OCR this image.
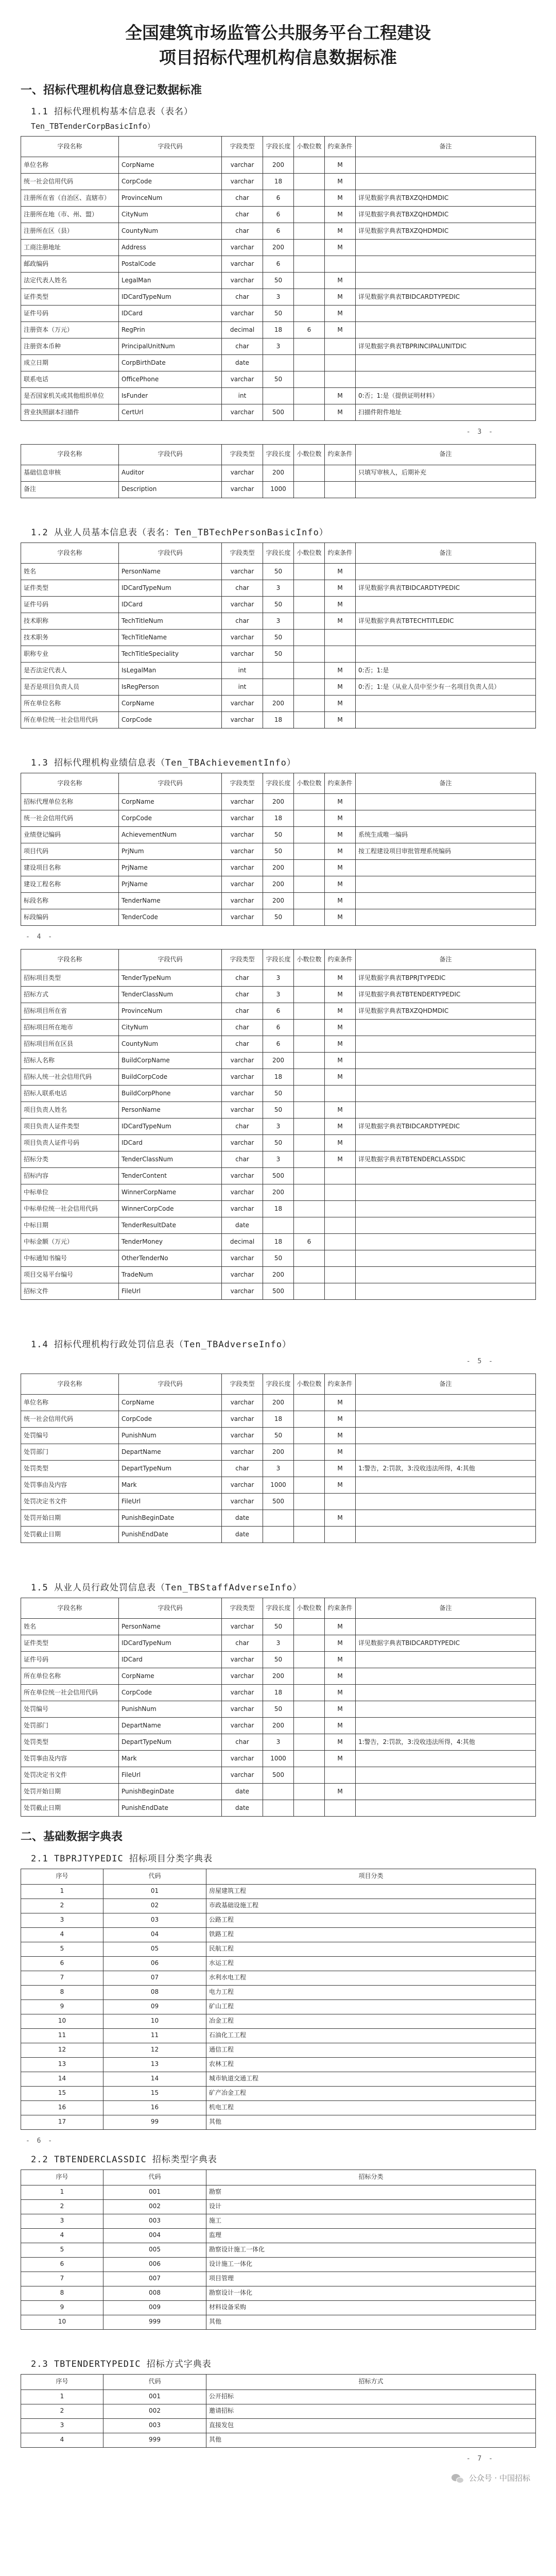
全国建筑市场监管公共服务平台工程建设
项目招标代理机构信息数据标准
一、招标代理机构信息登记数据标准
1.1 招标代理机构基本信息表（表名）
Ten_TBTenderCorpBasicInfo）
字段名称	字段代码	字段类型	字段长度	小数位数	约束条件	备注
单位名称	CorpName	varchar	200		M	
统一社会信用代码	CorpCode	varchar	18		M	
注册所在省（自治区、直辖市）	ProvinceNum	char	6		M	详见数据字典表TBXZQHDMDIC
注册所在地（市、州、盟）	CityNum	char	6		M	详见数据字典表TBXZQHDMDIC
注册所在区（县）	CountyNum	char	6		M	详见数据字典表TBXZQHDMDIC
工商注册地址	Address	varchar	200		M	
邮政编码	PostalCode	varchar	6			
法定代表人姓名	LegalMan	varchar	50		M	
证件类型	IDCardTypeNum	char	3		M	详见数据字典表TBIDCARDTYPEDIC
证件号码	IDCard	varchar	50		M	
注册资本（万元）	RegPrin	decimal	18	6	M	
注册资本币种	PrincipalUnitNum	char	3			详见数据字典表TBPRINCIPALUNITDIC
成立日期	CorpBirthDate	date				
联系电话	OfficePhone	varchar	50			
是否国家机关或其他组织单位	IsFunder	int			M	0:否；1:是（提供证明材料）
营业执照副本扫描件	CertUrl	varchar	500		M	扫描件附件地址
- 3 -
字段名称	字段代码	字段类型	字段长度	小数位数	约束条件	备注
基础信息审核	Auditor	varchar	200			只填写审核人，后期补充
备注	Description	varchar	1000			
1.2 从业人员基本信息表（表名：Ten_TBTechPersonBasicInfo）
字段名称	字段代码	字段类型	字段长度	小数位数	约束条件	备注
姓名	PersonName	varchar	50		M	
证件类型	IDCardTypeNum	char	3		M	详见数据字典表TBIDCARDTYPEDIC
证件号码	IDCard	varchar	50		M	
技术职称	TechTitleNum	char	3		M	详见数据字典表TBTECHTITLEDIC
技术职务	TechTitleName	varchar	50			
职称专业	TechTitleSpeciality	varchar	50			
是否法定代表人	IsLegalMan	int			M	0:否；1:是
是否是项目负责人员	IsRegPerson	int			M	0:否；1:是（从业人员中至少有一名项目负责人员）
所在单位名称	CorpName	varchar	200		M	
所在单位统一社会信用代码	CorpCode	varchar	18		M	
1.3 招标代理机构业绩信息表（Ten_TBAchievementInfo）
字段名称	字段代码	字段类型	字段长度	小数位数	约束条件	备注
招标代理单位名称	CorpName	varchar	200		M	
统一社会信用代码	CorpCode	varchar	18		M	
业绩登记编码	AchievementNum	varchar	50		M	系统生成唯一编码
项目代码	PrjNum	varchar	50		M	按工程建设项目审批管理系统编码
建设项目名称	PrjName	varchar	200		M	
建设工程名称	PrjName	varchar	200		M	
标段名称	TenderName	varchar	200		M	
标段编码	TenderCode	varchar	50		M	
- 4 -
字段名称	字段代码	字段类型	字段长度	小数位数	约束条件	备注
招标项目类型	TenderTypeNum	char	3		M	详见数据字典表TBPRJTYPEDIC
招标方式	TenderClassNum	char	3		M	详见数据字典表TBTENDERTYPEDIC
招标项目所在省	ProvinceNum	char	6		M	详见数据字典表TBXZQHDMDIC
招标项目所在地市	CityNum	char	6		M	
招标项目所在区县	CountyNum	char	6		M	
招标人名称	BuildCorpName	varchar	200		M	
招标人统一社会信用代码	BuildCorpCode	varchar	18		M	
招标人联系电话	BuildCorpPhone	varchar	50			
项目负责人姓名	PersonName	varchar	50		M	
项目负责人证件类型	IDCardTypeNum	char	3		M	详见数据字典表TBIDCARDTYPEDIC
项目负责人证件号码	IDCard	varchar	50		M	
招标分类	TenderClassNum	char	3		M	详见数据字典表TBTENDERCLASSDIC
招标内容	TenderContent	varchar	500			
中标单位	WinnerCorpName	varchar	200			
中标单位统一社会信用代码	WinnerCorpCode	varchar	18			
中标日期	TenderResultDate	date				
中标金额（万元）	TenderMoney	decimal	18	6		
中标通知书编号	OtherTenderNo	varchar	50			
项目交易平台编号	TradeNum	varchar	200			
招标文件	FileUrl	varchar	500			
1.4 招标代理机构行政处罚信息表（Ten_TBAdverseInfo）
- 5 -
字段名称	字段代码	字段类型	字段长度	小数位数	约束条件	备注
单位名称	CorpName	varchar	200		M	
统一社会信用代码	CorpCode	varchar	18		M	
处罚编号	PunishNum	varchar	50		M	
处罚部门	DepartName	varchar	200		M	
处罚类型	DepartTypeNum	char	3		M	1:警告，2:罚款，3:没收违法所得，4:其他
处罚事由及内容	Mark	varchar	1000		M	
处罚决定书文件	FileUrl	varchar	500			
处罚开始日期	PunishBeginDate	date			M	
处罚截止日期	PunishEndDate	date				
1.5 从业人员行政处罚信息表（Ten_TBStaffAdverseInfo）
字段名称	字段代码	字段类型	字段长度	小数位数	约束条件	备注
姓名	PersonName	varchar	50		M	
证件类型	IDCardTypeNum	char	3		M	详见数据字典表TBIDCARDTYPEDIC
证件号码	IDCard	varchar	50		M	
所在单位名称	CorpName	varchar	200		M	
所在单位统一社会信用代码	CorpCode	varchar	18		M	
处罚编号	PunishNum	varchar	50		M	
处罚部门	DepartName	varchar	200		M	
处罚类型	DepartTypeNum	char	3		M	1:警告，2:罚款，3:没收违法所得，4:其他
处罚事由及内容	Mark	varchar	1000		M	
处罚决定书文件	FileUrl	varchar	500			
处罚开始日期	PunishBeginDate	date			M	
处罚截止日期	PunishEndDate	date				
二、基础数据字典表
2.1 TBPRJTYPEDIC 招标项目分类字典表
序号	代码	项目分类
1	01	房屋建筑工程
2	02	市政基础设施工程
3	03	公路工程
4	04	铁路工程
5	05	民航工程
6	06	水运工程
7	07	水利水电工程
8	08	电力工程
9	09	矿山工程
10	10	冶金工程
11	11	石油化工工程
12	12	通信工程
13	13	农林工程
14	14	城市轨道交通工程
15	15	矿产冶金工程
16	16	机电工程
17	99	其他
- 6 -
2.2 TBTENDERCLASSDIC 招标类型字典表
序号	代码	招标分类
1	001	勘察
2	002	设计
3	003	施工
4	004	监理
5	005	勘察设计施工一体化
6	006	设计施工一体化
7	007	项目管理
8	008	勘察设计一体化
9	009	材料设备采购
10	999	其他
2.3 TBTENDERTYPEDIC 招标方式字典表
序号	代码	招标方式
1	001	公开招标
2	002	邀请招标
3	003	直接发包
4	999	其他
- 7 -
公众号 · 中国招标
